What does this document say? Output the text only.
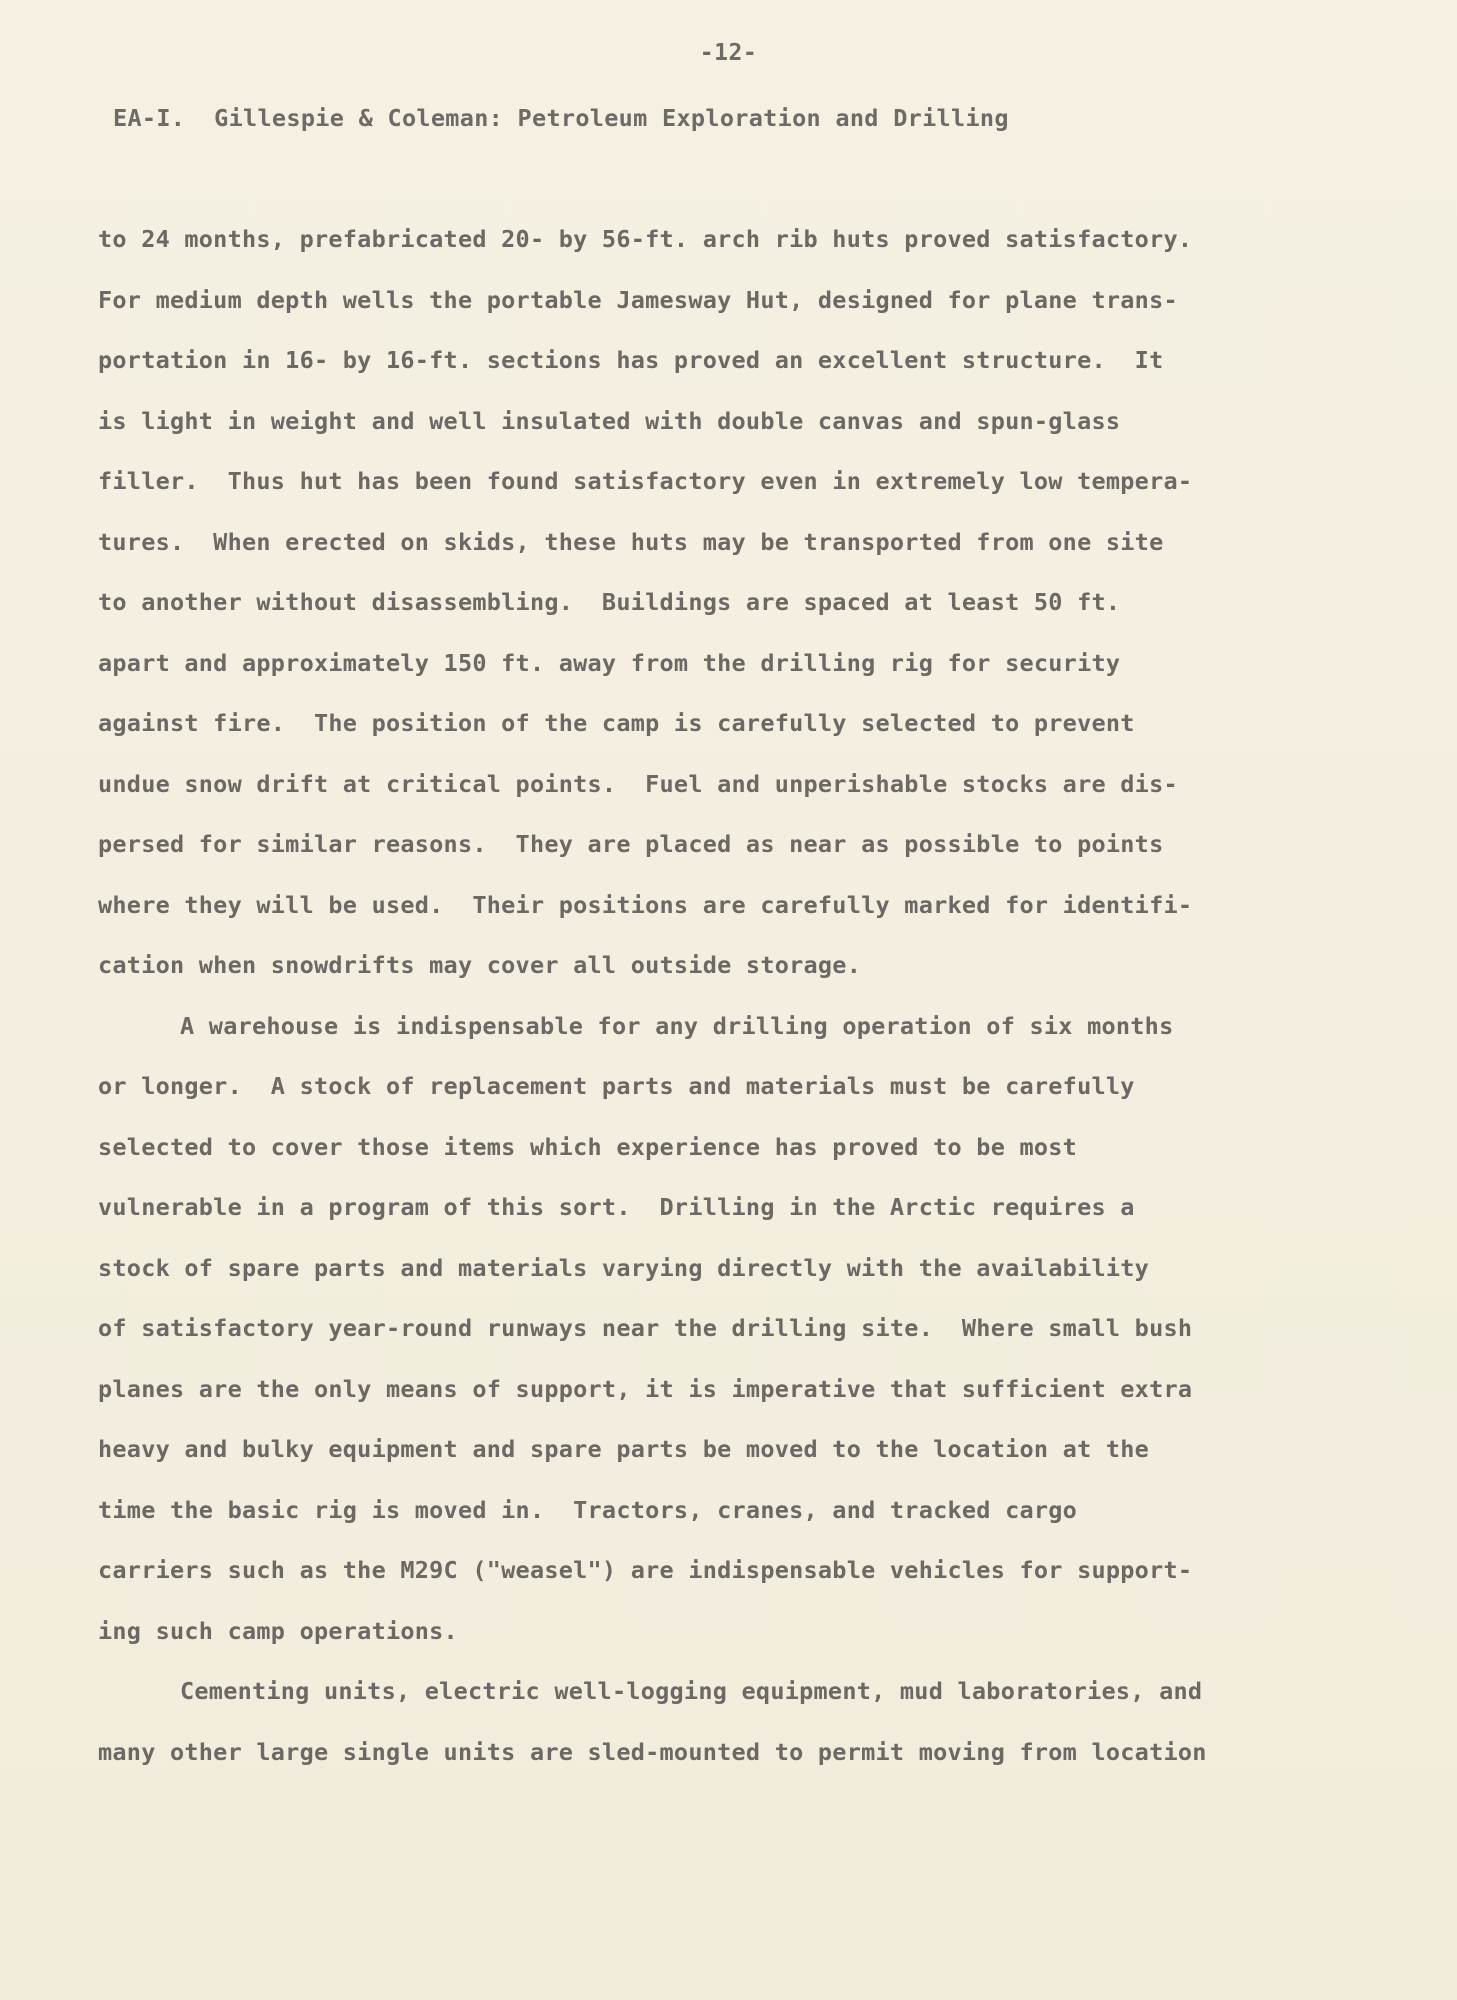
-12-
EA-I.  Gillespie & Coleman: Petroleum Exploration and Drilling
to 24 months, prefabricated 20- by 56-ft. arch rib huts proved satisfactory.
For medium depth wells the portable Jamesway Hut, designed for plane trans-
portation in 16- by 16-ft. sections has proved an excellent structure.  It
is light in weight and well insulated with double canvas and spun-glass
filler.  Thus hut has been found satisfactory even in extremely low tempera-
tures.  When erected on skids, these huts may be transported from one site
to another without disassembling.  Buildings are spaced at least 50 ft.
apart and approximately 150 ft. away from the drilling rig for security
against fire.  The position of the camp is carefully selected to prevent
undue snow drift at critical points.  Fuel and unperishable stocks are dis-
persed for similar reasons.  They are placed as near as possible to points
where they will be used.  Their positions are carefully marked for identifi-
cation when snowdrifts may cover all outside storage.
A warehouse is indispensable for any drilling operation of six months
or longer.  A stock of replacement parts and materials must be carefully
selected to cover those items which experience has proved to be most
vulnerable in a program of this sort.  Drilling in the Arctic requires a
stock of spare parts and materials varying directly with the availability
of satisfactory year-round runways near the drilling site.  Where small bush
planes are the only means of support, it is imperative that sufficient extra
heavy and bulky equipment and spare parts be moved to the location at the
time the basic rig is moved in.  Tractors, cranes, and tracked cargo
carriers such as the M29C ("weasel") are indispensable vehicles for support-
ing such camp operations.
Cementing units, electric well-logging equipment, mud laboratories, and
many other large single units are sled-mounted to permit moving from location
